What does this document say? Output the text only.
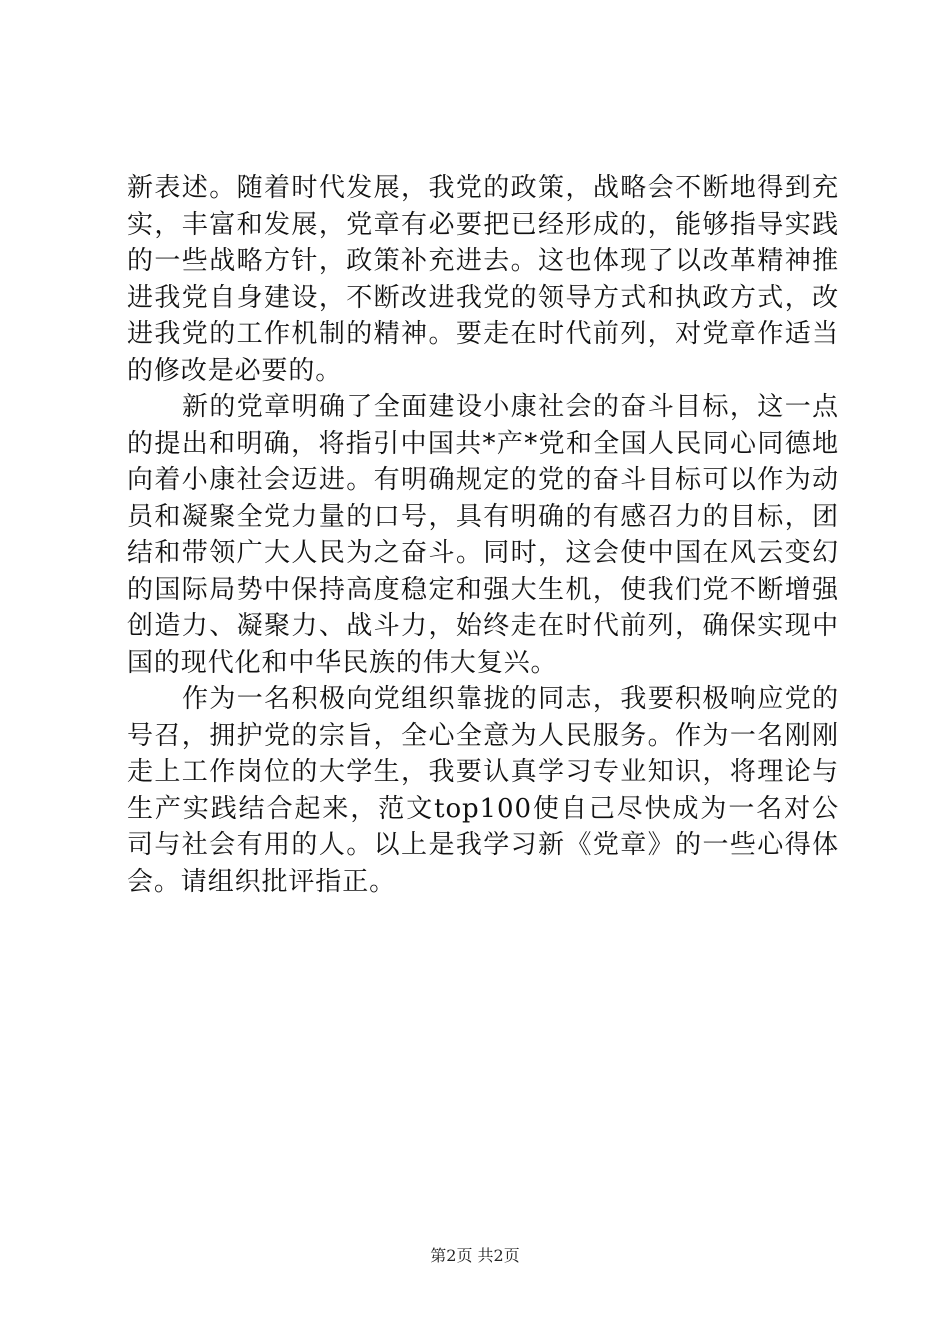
新表述。随着时代发展，我党的政策，战略会不断地得到充实，丰富和发展，党章有必要把已经形成的，能够指导实践的一些战略方针，政策补充进去。这也体现了以改革精神推进我党自身建设，不断改进我党的领导方式和执政方式，改进我党的工作机制的精神。要走在时代前列，对党章作适当的修改是必要的。

新的党章明确了全面建设小康社会的奋斗目标，这一点的提出和明确，将指引中国共*产*党和全国人民同心同德地向着小康社会迈进。有明确规定的党的奋斗目标可以作为动员和凝聚全党力量的口号，具有明确的有感召力的目标，团结和带领广大人民为之奋斗。同时，这会使中国在风云变幻的国际局势中保持高度稳定和强大生机，使我们党不断增强创造力、凝聚力、战斗力，始终走在时代前列，确保实现中国的现代化和中华民族的伟大复兴。

作为一名积极向党组织靠拢的同志，我要积极响应党的号召，拥护党的宗旨，全心全意为人民服务。作为一名刚刚走上工作岗位的大学生，我要认真学习专业知识，将理论与生产实践结合起来，范文top100使自己尽快成为一名对公司与社会有用的人。以上是我学习新《党章》的一些心得体会。请组织批评指正。

第2页 共2页
